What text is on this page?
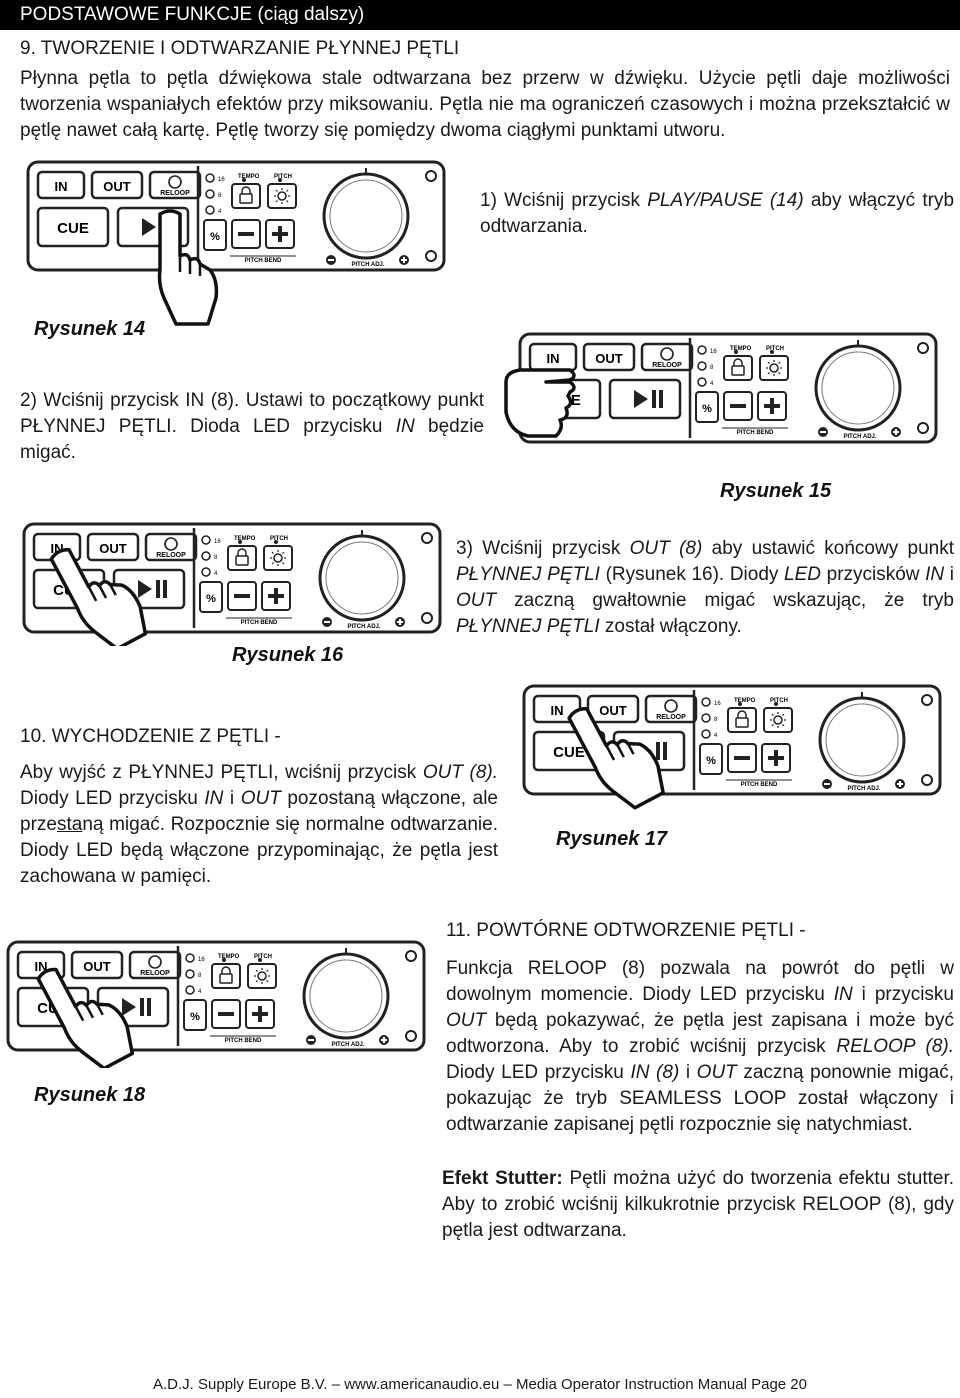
PODSTAWOWE FUNKCJE (ciąg dalszy)
9. TWORZENIE I ODTWARZANIE PŁYNNEJ PĘTLI
Płynna pętla to pętla dźwiękowa stale odtwarzana bez przerw w dźwięku. Użycie pętli daje możliwości tworzenia wspaniałych efektów przy miksowaniu. Pętla nie ma ograniczeń czasowych i można przekształcić w pętlę nawet całą kartę. Pętlę tworzy się pomiędzy dwoma ciągłymi punktami utworu.
1) Wciśnij przycisk PLAY/PAUSE (14) aby włączyć tryb odtwarzania.
Rysunek 14
2) Wciśnij przycisk IN (8). Ustawi to początkowy punkt PŁYNNEJ PĘTLI. Dioda LED przycisku IN będzie migać.
Rysunek 15
3) Wciśnij przycisk OUT (8) aby ustawić końcowy punkt PŁYNNEJ PĘTLI (Rysunek 16). Diody LED przycisków IN i OUT zaczną gwałtownie migać wskazując, że tryb PŁYNNEJ PĘTLI został włączony.
Rysunek 16
10. WYCHODZENIE Z PĘTLI -
Aby wyjść z PŁYNNEJ PĘTLI, wciśnij przycisk OUT (8). Diody LED przycisku IN i OUT pozostaną włączone, ale przestaną migać. Rozpocznie się normalne odtwarzanie. Diody LED będą włączone przypominając, że pętla jest zachowana w pamięci.
Rysunek 17
11. POWTÓRNE ODTWORZENIE PĘTLI -
Funkcja RELOOP (8) pozwala na powrót do pętli w dowolnym momencie. Diody LED przycisku IN i przycisku OUT będą pokazywać, że pętla jest zapisana i może być odtworzona. Aby to zrobić wciśnij przycisk RELOOP (8). Diody LED przycisku IN (8) i OUT zaczną ponownie migać, pokazując że tryb SEAMLESS LOOP został włączony i odtwarzanie zapisanej pętli rozpocznie się natychmiast.
Efekt Stutter: Pętli można użyć do tworzenia efektu stutter. Aby to zrobić wciśnij kilkukrotnie przycisk RELOOP (8), gdy pętla jest odtwarzana.
Rysunek 18
A.D.J. Supply Europe B.V. – www.americanaudio.eu – Media Operator Instruction Manual Page 20
